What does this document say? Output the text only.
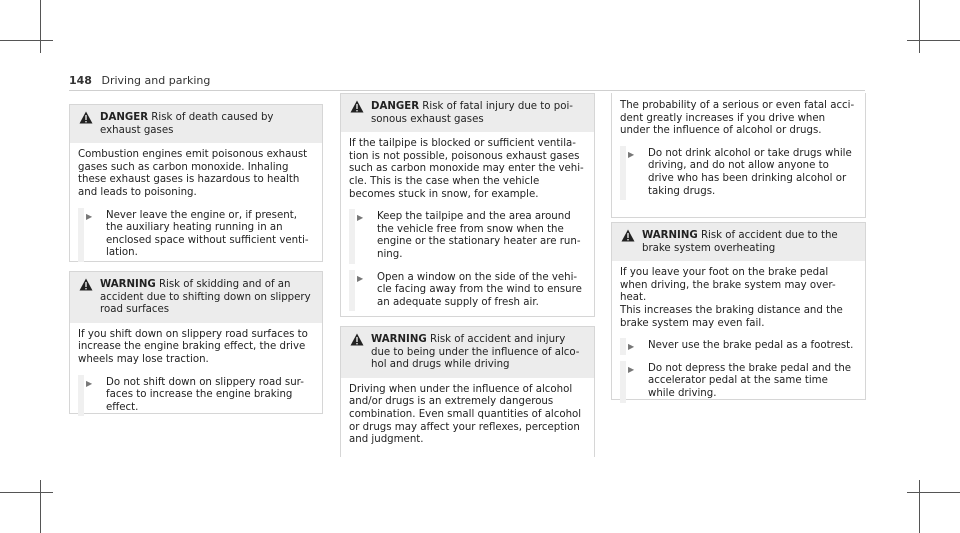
148 Driving and parking
DANGER Risk of death caused by
exhaust gases
Combustion engines emit poisonous exhaust
gases such as carbon monoxide. Inhaling
these exhaust gases is hazardous to health
and leads to poisoning.
▶ Never leave the engine or, if present,
the auxiliary heating running in an
enclosed space without sufficient venti-
lation.
WARNING Risk of skidding and of an
accident due to shifting down on slippery
road surfaces
If you shift down on slippery road surfaces to
increase the engine braking effect, the drive
wheels may lose traction.
▶ Do not shift down on slippery road sur-
faces to increase the engine braking
effect.
DANGER Risk of fatal injury due to poi-
sonous exhaust gases
If the tailpipe is blocked or sufficient ventila-
tion is not possible, poisonous exhaust gases
such as carbon monoxide may enter the vehi-
cle. This is the case when the vehicle
becomes stuck in snow, for example.
▶ Keep the tailpipe and the area around
the vehicle free from snow when the
engine or the stationary heater are run-
ning.
▶ Open a window on the side of the vehi-
cle facing away from the wind to ensure
an adequate supply of fresh air.
WARNING Risk of accident and injury
due to being under the influence of alco-
hol and drugs while driving
Driving when under the influence of alcohol
and/or drugs is an extremely dangerous
combination. Even small quantities of alcohol
or drugs may affect your reflexes, perception
and judgment.
The probability of a serious or even fatal acci-
dent greatly increases if you drive when
under the influence of alcohol or drugs.
▶ Do not drink alcohol or take drugs while
driving, and do not allow anyone to
drive who has been drinking alcohol or
taking drugs.
WARNING Risk of accident due to the
brake system overheating
If you leave your foot on the brake pedal
when driving, the brake system may over-
heat.
This increases the braking distance and the
brake system may even fail.
▶ Never use the brake pedal as a footrest.
▶ Do not depress the brake pedal and the
accelerator pedal at the same time
while driving.
